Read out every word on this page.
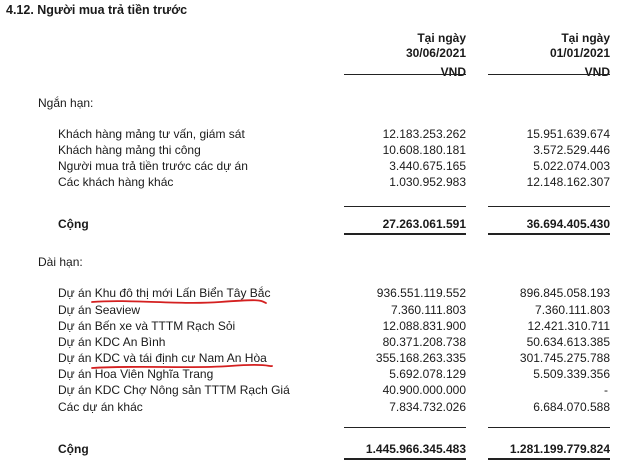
4.12. Người mua trả tiền trước
Tại ngày
30/06/2021
VND
Tại ngày
01/01/2021
VND
Ngắn hạn:
Khách hàng mảng tư vấn, giám sát	12.183.253.262	15.951.639.674
Khách hàng mảng thi công	10.608.180.181	3.572.529.446
Người mua trả tiền trước các dự án	3.440.675.165	5.022.074.003
Các khách hàng khác	1.030.952.983	12.148.162.307
Cộng	27.263.061.591	36.694.405.430
Dài hạn:
Dự án Khu đô thị mới Lấn Biển Tây Bắc	936.551.119.552	896.845.058.193
Dự án Seaview	7.360.111.803	7.360.111.803
Dự án Bến xe và TTTM Rạch Sỏi	12.088.831.900	12.421.310.711
Dự án KDC An Bình	80.371.208.738	50.634.613.385
Dự án KDC và tái định cư Nam An Hòa	355.168.263.335	301.745.275.788
Dự án Hoa Viên Nghĩa Trang	5.692.078.129	5.509.339.356
Dự án KDC Chợ Nông sản TTTM Rạch Giá	40.900.000.000	-
Các dự án khác	7.834.732.026	6.684.070.588
Cộng	1.445.966.345.483	1.281.199.779.824
